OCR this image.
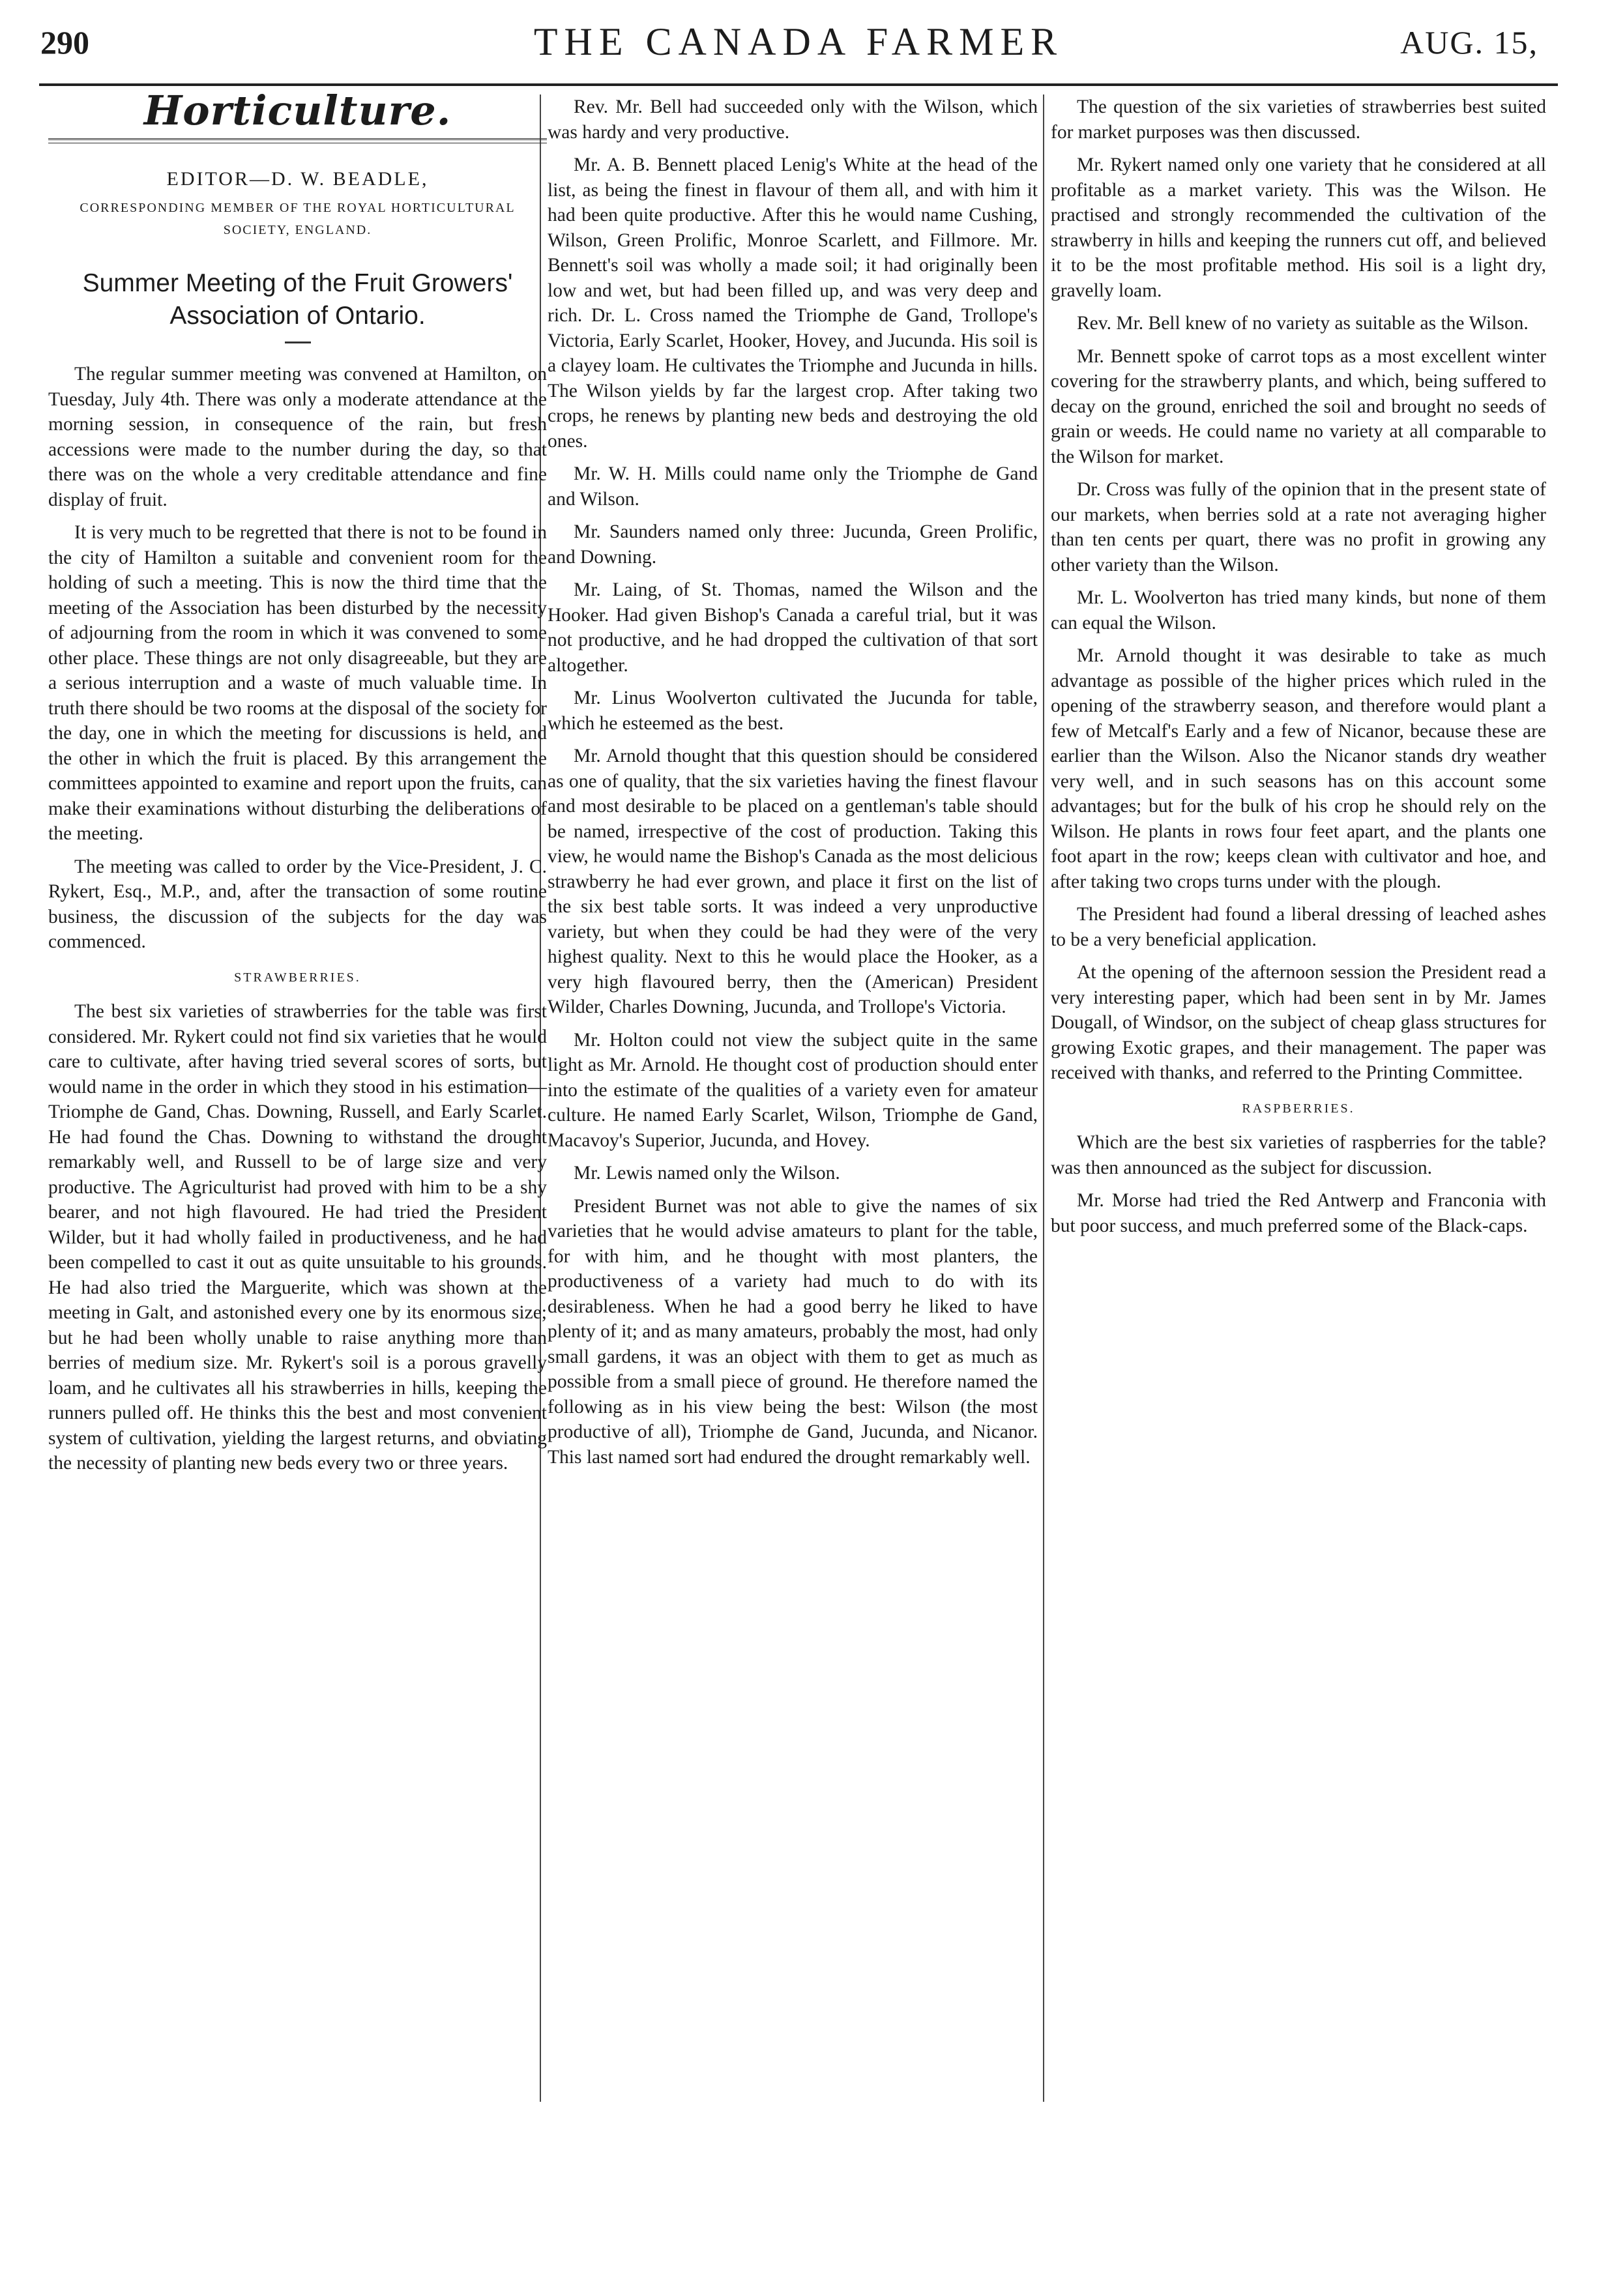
290	THE CANADA FARMER	AUG. 15,
Horticulture.
EDITOR—D. W. BEADLE,
CORRESPONDING MEMBER OF THE ROYAL HORTICULTURAL SOCIETY, ENGLAND.
Summer Meeting of the Fruit Growers' Association of Ontario.

The regular summer meeting was convened at Hamilton, on Tuesday, July 4th. There was only a moderate attendance at the morning session, in consequence of the rain, but fresh accessions were made to the number during the day, so that there was on the whole a very creditable attendance and fine display of fruit.

It is very much to be regretted that there is not to be found in the city of Hamilton a suitable and convenient room for the holding of such a meeting. This is now the third time that the meeting of the Association has been disturbed by the necessity of adjourning from the room in which it was convened to some other place. These things are not only disagreeable, but they are a serious interruption and a waste of much valuable time. In truth there should be two rooms at the disposal of the society for the day, one in which the meeting for discussions is held, and the other in which the fruit is placed. By this arrangement the committees appointed to examine and report upon the fruits, can make their examinations without disturbing the deliberations of the meeting.

The meeting was called to order by the Vice-President, J. C. Rykert, Esq., M.P., and, after the transaction of some routine business, the discussion of the subjects for the day was commenced.

STRAWBERRIES.

The best six varieties of strawberries for the table was first considered. Mr. Rykert could not find six varieties that he would care to cultivate, after having tried several scores of sorts, but would name in the order in which they stood in his estimation—Triomphe de Gand, Chas. Downing, Russell, and Early Scarlet. He had found the Chas. Downing to withstand the drought remarkably well, and Russell to be of large size and very productive. The Agriculturist had proved with him to be a shy bearer, and not high flavoured. He had tried the President Wilder, but it had wholly failed in productiveness, and he had been compelled to cast it out as quite unsuitable to his grounds. He had also tried the Marguerite, which was shown at the meeting in Galt, and astonished every one by its enormous size; but he had been wholly unable to raise anything more than berries of medium size. Mr. Rykert's soil is a porous gravelly loam, and he cultivates all his strawberries in hills, keeping the runners pulled off. He thinks this the best and most convenient system of cultivation, yielding the largest returns, and obviating the necessity of planting new beds every two or three years.

Rev. Mr. Bell had succeeded only with the Wilson, which was hardy and very productive.

Mr. A. B. Bennett placed Lenig's White at the head of the list, as being the finest in flavour of them all, and with him it had been quite productive. After this he would name Cushing, Wilson, Green Prolific, Monroe Scarlett, and Fillmore. Mr. Bennett's soil was wholly a made soil; it had originally been low and wet, but had been filled up, and was very deep and rich. Dr. L. Cross named the Triomphe de Gand, Trollope's Victoria, Early Scarlet, Hooker, Hovey, and Jucunda. His soil is a clayey loam. He cultivates the Triomphe and Jucunda in hills. The Wilson yields by far the largest crop. After taking two crops, he renews by planting new beds and destroying the old ones.

Mr. W. H. Mills could name only the Triomphe de Gand and Wilson.

Mr. Saunders named only three: Jucunda, Green Prolific, and Downing.

Mr. Laing, of St. Thomas, named the Wilson and the Hooker. Had given Bishop's Canada a careful trial, but it was not productive, and he had dropped the cultivation of that sort altogether.

Mr. Linus Woolverton cultivated the Jucunda for table, which he esteemed as the best.

Mr. Arnold thought that this question should be considered as one of quality, that the six varieties having the finest flavour and most desirable to be placed on a gentleman's table should be named, irrespective of the cost of production. Taking this view, he would name the Bishop's Canada as the most delicious strawberry he had ever grown, and place it first on the list of the six best table sorts. It was indeed a very unproductive variety, but when they could be had they were of the very highest quality. Next to this he would place the Hooker, as a very high flavoured berry, then the (American) President Wilder, Charles Downing, Jucunda, and Trollope's Victoria.

Mr. Holton could not view the subject quite in the same light as Mr. Arnold. He thought cost of production should enter into the estimate of the qualities of a variety even for amateur culture. He named Early Scarlet, Wilson, Triomphe de Gand, Macavoy's Superior, Jucunda, and Hovey.

Mr. Lewis named only the Wilson.

President Burnet was not able to give the names of six varieties that he would advise amateurs to plant for the table, for with him, and he thought with most planters, the productiveness of a variety had much to do with its desirableness. When he had a good berry he liked to have plenty of it; and as many amateurs, probably the most, had only small gardens, it was an object with them to get as much as possible from a small piece of ground. He therefore named the following as in his view being the best: Wilson (the most productive of all), Triomphe de Gand, Jucunda, and Nicanor. This last named sort had endured the drought remarkably well.

The question of the six varieties of strawberries best suited for market purposes was then discussed.

Mr. Rykert named only one variety that he considered at all profitable as a market variety. This was the Wilson. He practised and strongly recommended the cultivation of the strawberry in hills and keeping the runners cut off, and believed it to be the most profitable method. His soil is a light dry, gravelly loam.

Rev. Mr. Bell knew of no variety as suitable as the Wilson.

Mr. Bennett spoke of carrot tops as a most excellent winter covering for the strawberry plants, and which, being suffered to decay on the ground, enriched the soil and brought no seeds of grain or weeds. He could name no variety at all comparable to the Wilson for market.

Dr. Cross was fully of the opinion that in the present state of our markets, when berries sold at a rate not averaging higher than ten cents per quart, there was no profit in growing any other variety than the Wilson.

Mr. L. Woolverton has tried many kinds, but none of them can equal the Wilson.

Mr. Arnold thought it was desirable to take as much advantage as possible of the higher prices which ruled in the opening of the strawberry season, and therefore would plant a few of Metcalf's Early and a few of Nicanor, because these are earlier than the Wilson. Also the Nicanor stands dry weather very well, and in such seasons has on this account some advantages; but for the bulk of his crop he should rely on the Wilson. He plants in rows four feet apart, and the plants one foot apart in the row; keeps clean with cultivator and hoe, and after taking two crops turns under with the plough.

The President had found a liberal dressing of leached ashes to be a very beneficial application.

At the opening of the afternoon session the President read a very interesting paper, which had been sent in by Mr. James Dougall, of Windsor, on the subject of cheap glass structures for growing Exotic grapes, and their management. The paper was received with thanks, and referred to the Printing Committee.

RASPBERRIES.

Which are the best six varieties of raspberries for the table? was then announced as the subject for discussion.

Mr. Morse had tried the Red Antwerp and Franconia with but poor success, and much preferred some of the Black-caps.
